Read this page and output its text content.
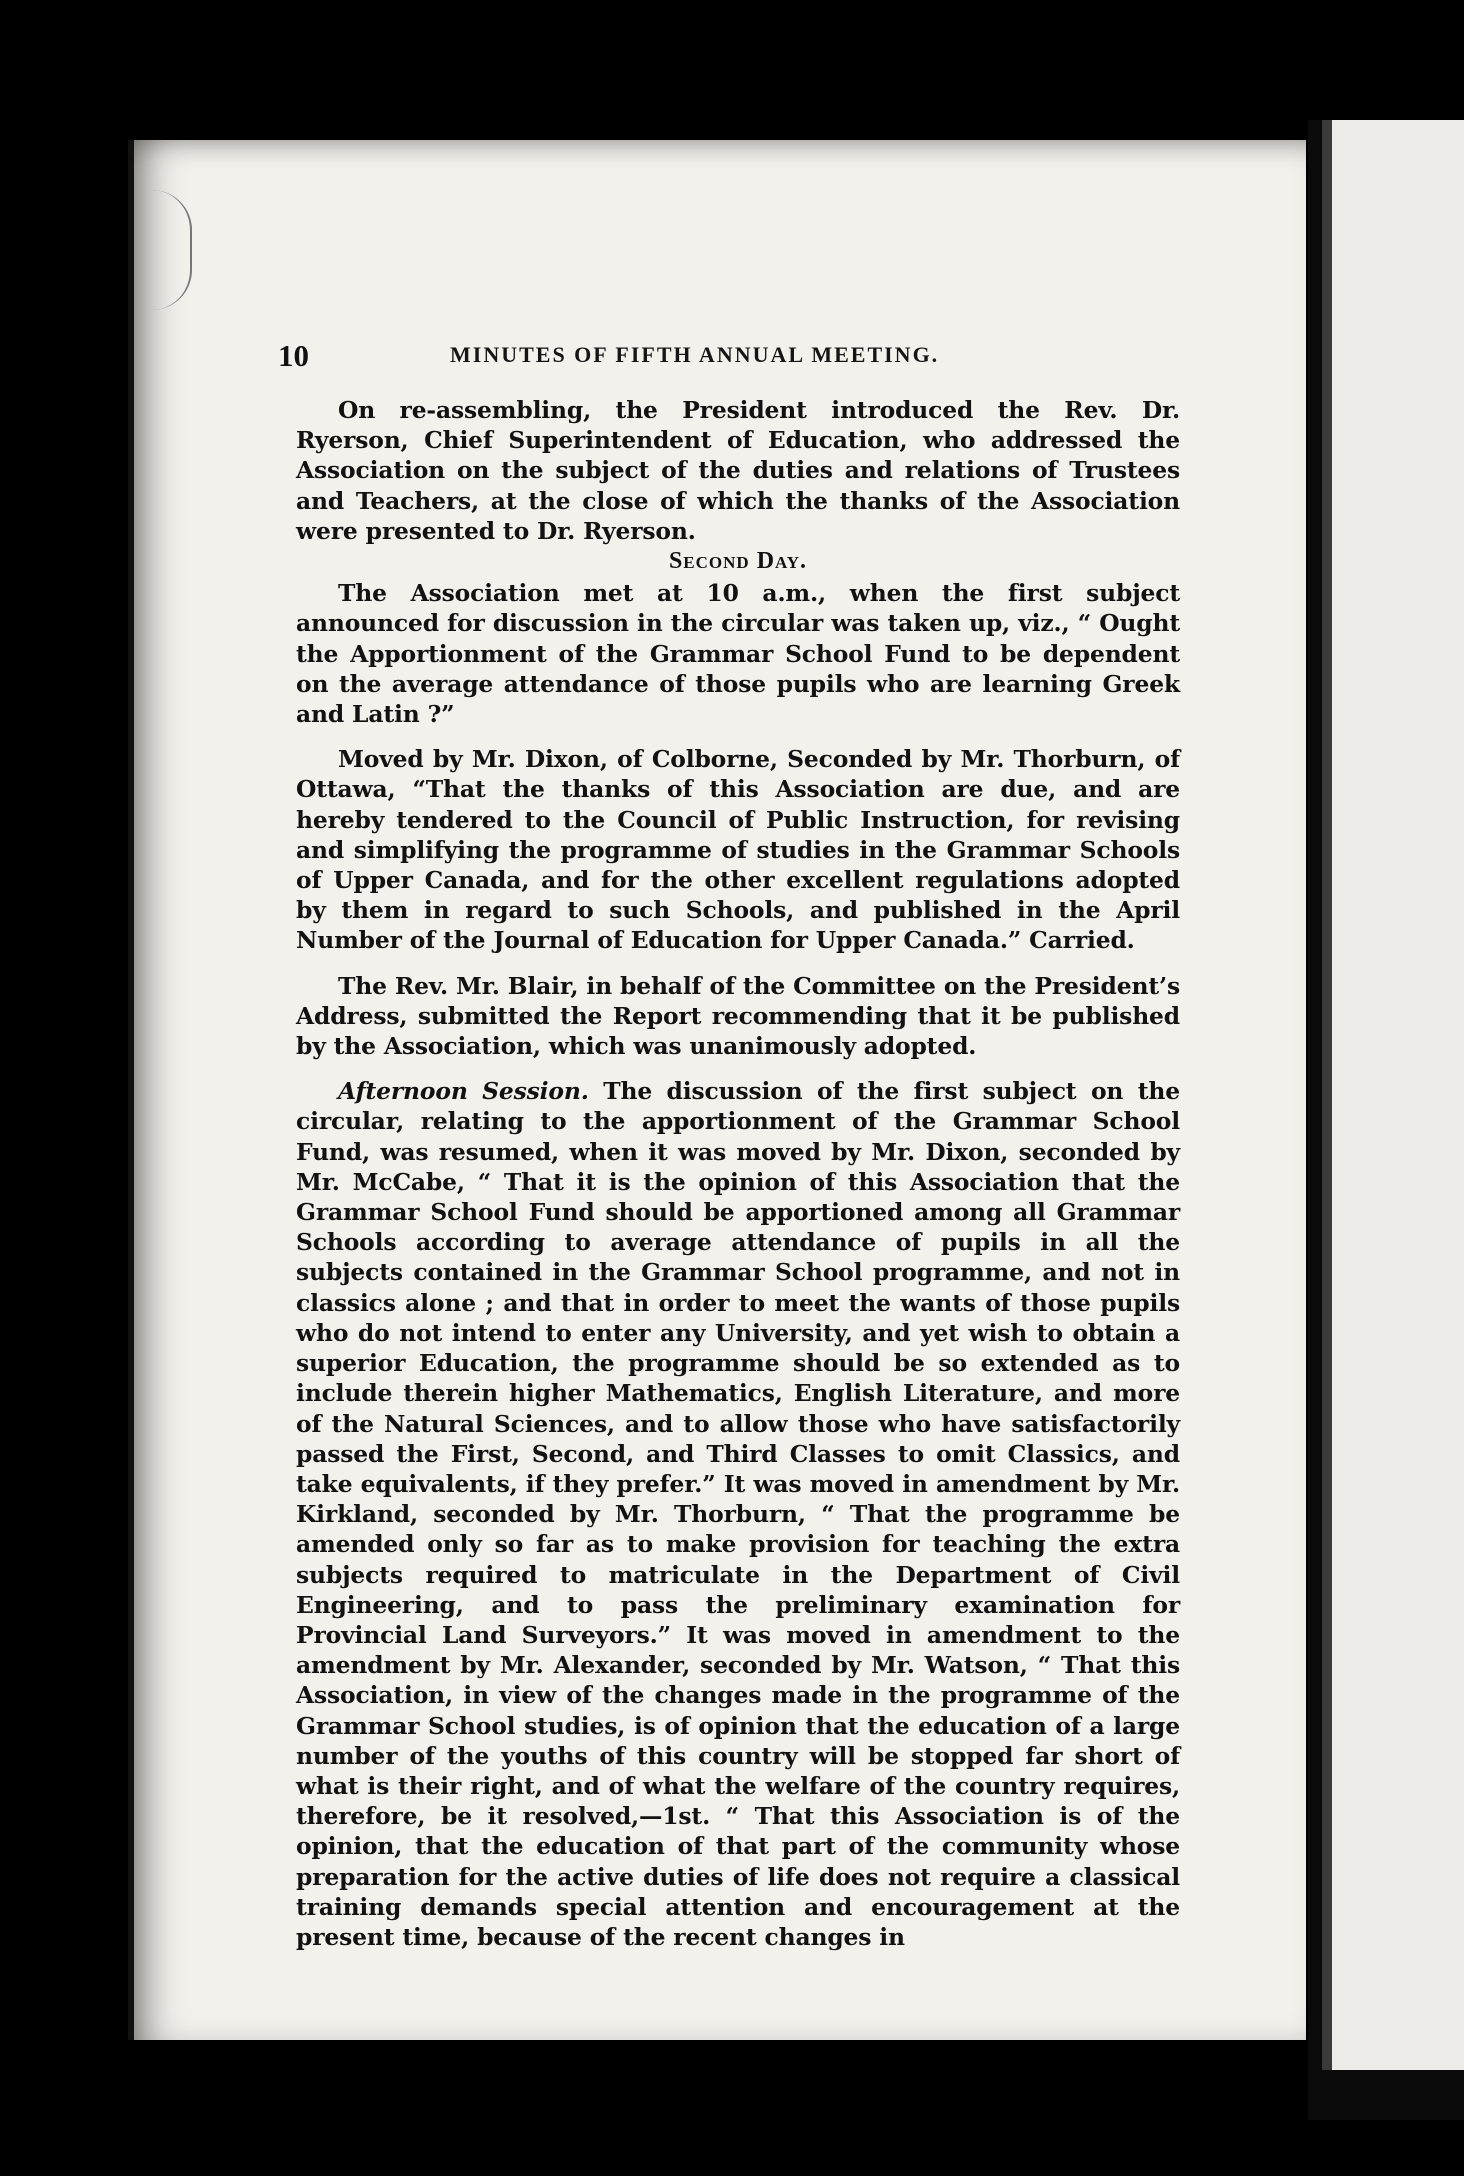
10	MINUTES OF FIFTH ANNUAL MEETING.

On re-assembling, the President introduced the Rev. Dr. Ryerson, Chief Superintendent of Education, who addressed the Association on the subject of the duties and relations of Trustees and Teachers, at the close of which the thanks of the Association were presented to Dr. Ryerson.

Second Day.

The Association met at 10 a.m., when the first subject announced for discussion in the circular was taken up, viz., “ Ought the Apportionment of the Grammar School Fund to be dependent on the average attendance of those pupils who are learning Greek and Latin ?”

Moved by Mr. Dixon, of Colborne, Seconded by Mr. Thorburn, of Ottawa, “That the thanks of this Association are due, and are hereby tendered to the Council of Public Instruction, for revising and simplifying the programme of studies in the Grammar Schools of Upper Canada, and for the other excellent regulations adopted by them in regard to such Schools, and published in the April Number of the Journal of Education for Upper Canada.” Carried.

The Rev. Mr. Blair, in behalf of the Committee on the President’s Address, submitted the Report recommending that it be published by the Association, which was unanimously adopted.

Afternoon Session. The discussion of the first subject on the circular, relating to the apportionment of the Grammar School Fund, was resumed, when it was moved by Mr. Dixon, seconded by Mr. McCabe, “ That it is the opinion of this Association that the Grammar School Fund should be apportioned among all Grammar Schools according to average attendance of pupils in all the subjects contained in the Grammar School programme, and not in classics alone ; and that in order to meet the wants of those pupils who do not intend to enter any University, and yet wish to obtain a superior Education, the programme should be so extended as to include therein higher Mathematics, English Literature, and more of the Natural Sciences, and to allow those who have satisfactorily passed the First, Second, and Third Classes to omit Classics, and take equivalents, if they prefer.” It was moved in amendment by Mr. Kirkland, seconded by Mr. Thorburn, “ That the programme be amended only so far as to make provision for teaching the extra subjects required to matriculate in the Department of Civil Engineering, and to pass the preliminary examination for Provincial Land Surveyors.” It was moved in amendment to the amendment by Mr. Alexander, seconded by Mr. Watson, “ That this Association, in view of the changes made in the programme of the Grammar School studies, is of opinion that the education of a large number of the youths of this country will be stopped far short of what is their right, and of what the welfare of the country requires, therefore, be it resolved,—1st. “ That this Association is of the opinion, that the education of that part of the community whose preparation for the active duties of life does not require a classical training demands special attention and encouragement at the present time, because of the recent changes in
